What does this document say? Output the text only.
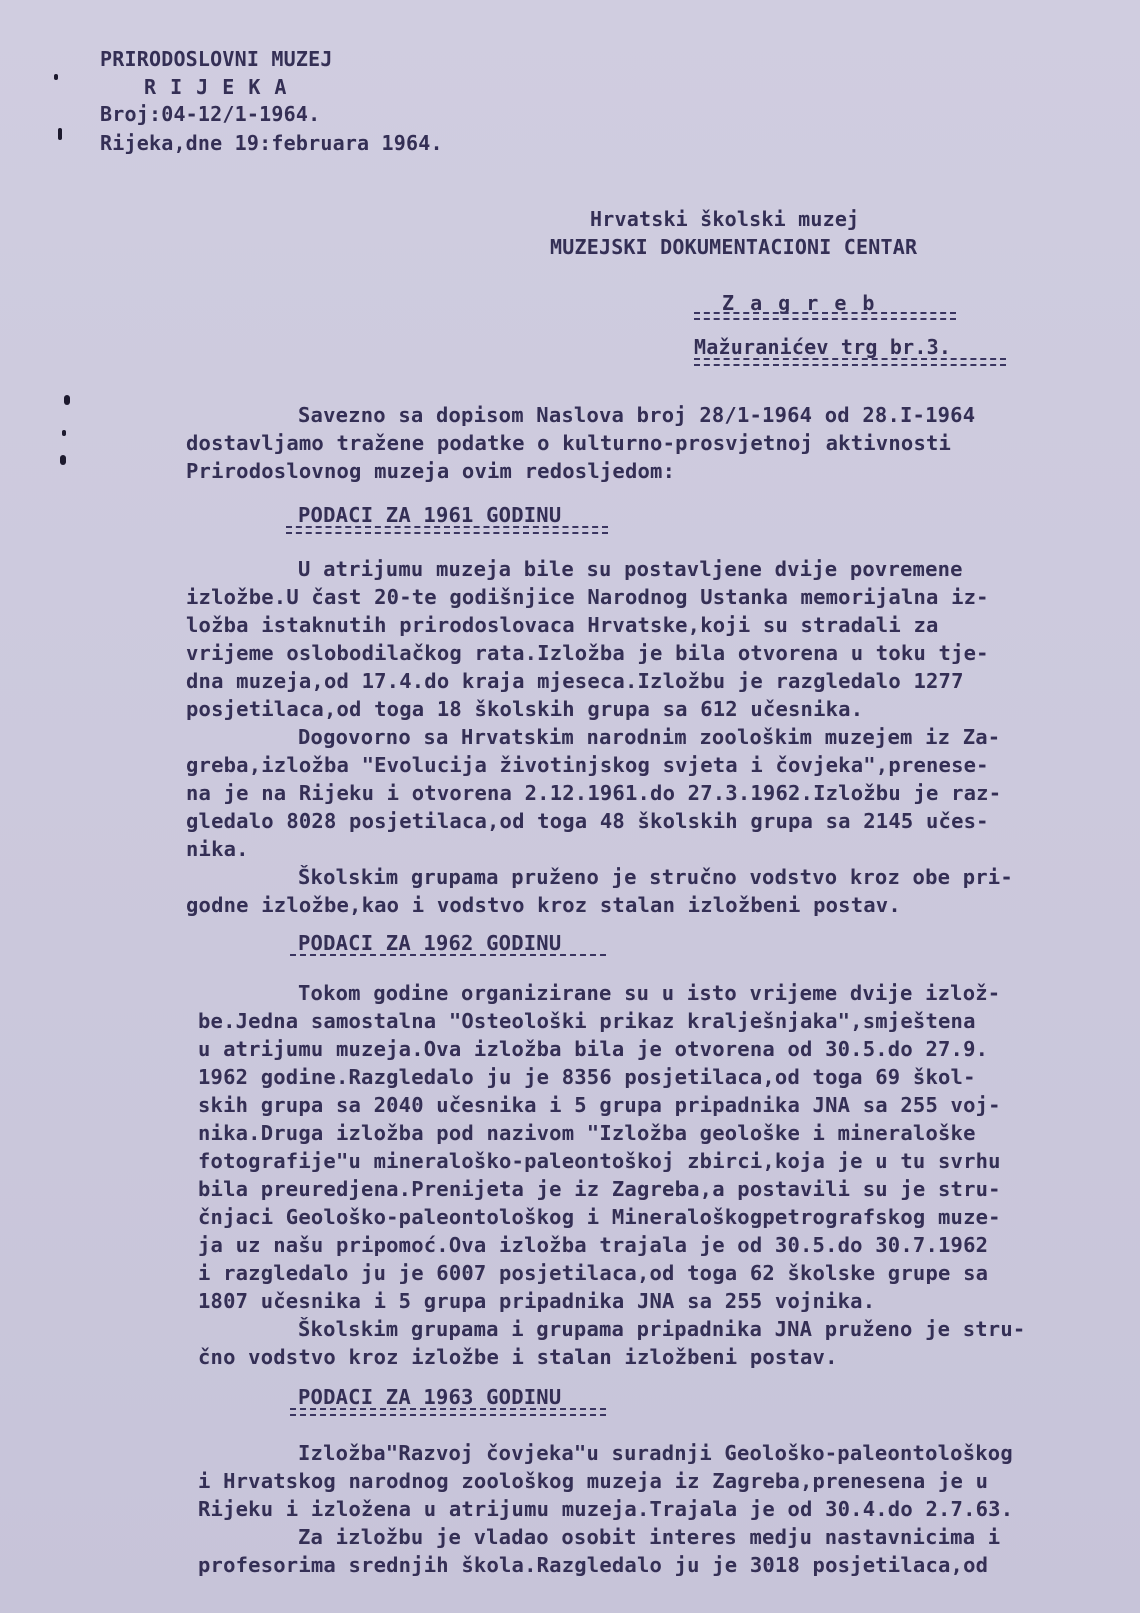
PRIRODOSLOVNI MUZEJ
R I J E K A
Broj:04-12/1-1964.
Rijeka,dne 19:februara 1964.
Hrvatski školski muzej
MUZEJSKI DOKUMENTACIONI CENTAR
Z a g r e b
Mažuranićev trg br.3.
Savezno sa dopisom Naslova broj 28/1-1964 od 28.I-1964
dostavljamo tražene podatke o kulturno-prosvjetnoj aktivnosti
Prirodoslovnog muzeja ovim redosljedom:
PODACI ZA 1961 GODINU
U atrijumu muzeja bile su postavljene dvije povremene
izložbe.U čast 20-te godišnjice Narodnog Ustanka memorijalna iz-
ložba istaknutih prirodoslovaca Hrvatske,koji su stradali za
vrijeme oslobodilačkog rata.Izložba je bila otvorena u toku tje-
dna muzeja,od 17.4.do kraja mjeseca.Izložbu je razgledalo 1277
posjetilaca,od toga 18 školskih grupa sa 612 učesnika.
Dogovorno sa Hrvatskim narodnim zoološkim muzejem iz Za-
greba,izložba "Evolucija životinjskog svjeta i čovjeka",prenese-
na je na Rijeku i otvorena 2.12.1961.do 27.3.1962.Izložbu je raz-
gledalo 8028 posjetilaca,od toga 48 školskih grupa sa 2145 učes-
nika.
Školskim grupama pruženo je stručno vodstvo kroz obe pri-
godne izložbe,kao i vodstvo kroz stalan izložbeni postav.
PODACI ZA 1962 GODINU
Tokom godine organizirane su u isto vrijeme dvije izlož-
be.Jedna samostalna "Osteološki prikaz kralješnjaka",smještena
u atrijumu muzeja.Ova izložba bila je otvorena od 30.5.do 27.9.
1962 godine.Razgledalo ju je 8356 posjetilaca,od toga 69 škol-
skih grupa sa 2040 učesnika i 5 grupa pripadnika JNA sa 255 voj-
nika.Druga izložba pod nazivom "Izložba geološke i mineraloške
fotografije"u mineraloško-paleontoškoj zbirci,koja je u tu svrhu
bila preuredjena.Prenijeta je iz Zagreba,a postavili su je stru-
čnjaci Geološko-paleontološkog i Mineraloškogpetrografskog muze-
ja uz našu pripomoć.Ova izložba trajala je od 30.5.do 30.7.1962
i razgledalo ju je 6007 posjetilaca,od toga 62 školske grupe sa
1807 učesnika i 5 grupa pripadnika JNA sa 255 vojnika.
Školskim grupama i grupama pripadnika JNA pruženo je stru-
čno vodstvo kroz izložbe i stalan izložbeni postav.
PODACI ZA 1963 GODINU
Izložba"Razvoj čovjeka"u suradnji Geološko-paleontološkog
i Hrvatskog narodnog zoološkog muzeja iz Zagreba,prenesena je u
Rijeku i izložena u atrijumu muzeja.Trajala je od 30.4.do 2.7.63.
Za izložbu je vladao osobit interes medju nastavnicima i
profesorima srednjih škola.Razgledalo ju je 3018 posjetilaca,od
